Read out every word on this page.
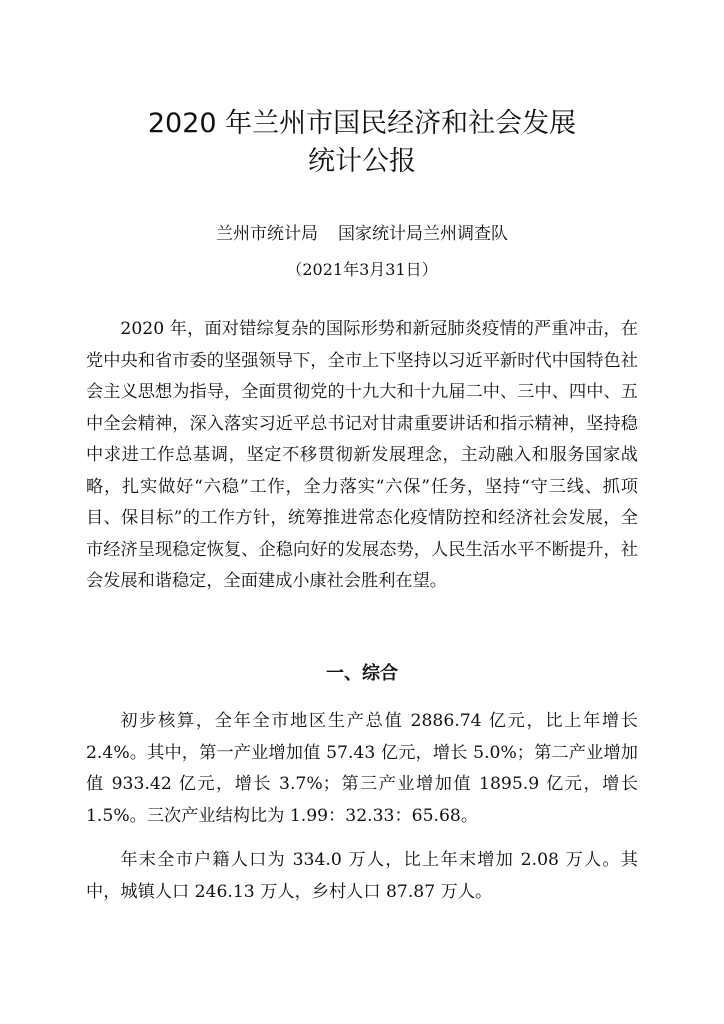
2020 年兰州市国民经济和社会发展
统计公报
兰州市统计局 国家统计局兰州调查队
（2021年3月31日）

2020 年，面对错综复杂的国际形势和新冠肺炎疫情的严重冲击，在党中央和省市委的坚强领导下，全市上下坚持以习近平新时代中国特色社会主义思想为指导，全面贯彻党的十九大和十九届二中、三中、四中、五中全会精神，深入落实习近平总书记对甘肃重要讲话和指示精神，坚持稳中求进工作总基调，坚定不移贯彻新发展理念，主动融入和服务国家战略，扎实做好“六稳”工作，全力落实“六保”任务，坚持“守三线、抓项目、保目标”的工作方针，统筹推进常态化疫情防控和经济社会发展，全市经济呈现稳定恢复、企稳向好的发展态势，人民生活水平不断提升，社会发展和谐稳定，全面建成小康社会胜利在望。

一、综合

初步核算，全年全市地区生产总值 2886.74 亿元，比上年增长 2.4%。其中，第一产业增加值 57.43 亿元，增长 5.0%；第二产业增加值 933.42 亿元，增长 3.7%；第三产业增加值 1895.9 亿元，增长 1.5%。三次产业结构比为 1.99：32.33：65.68。

年末全市户籍人口为 334.0 万人，比上年末增加 2.08 万人。其中，城镇人口 246.13 万人，乡村人口 87.87 万人。
